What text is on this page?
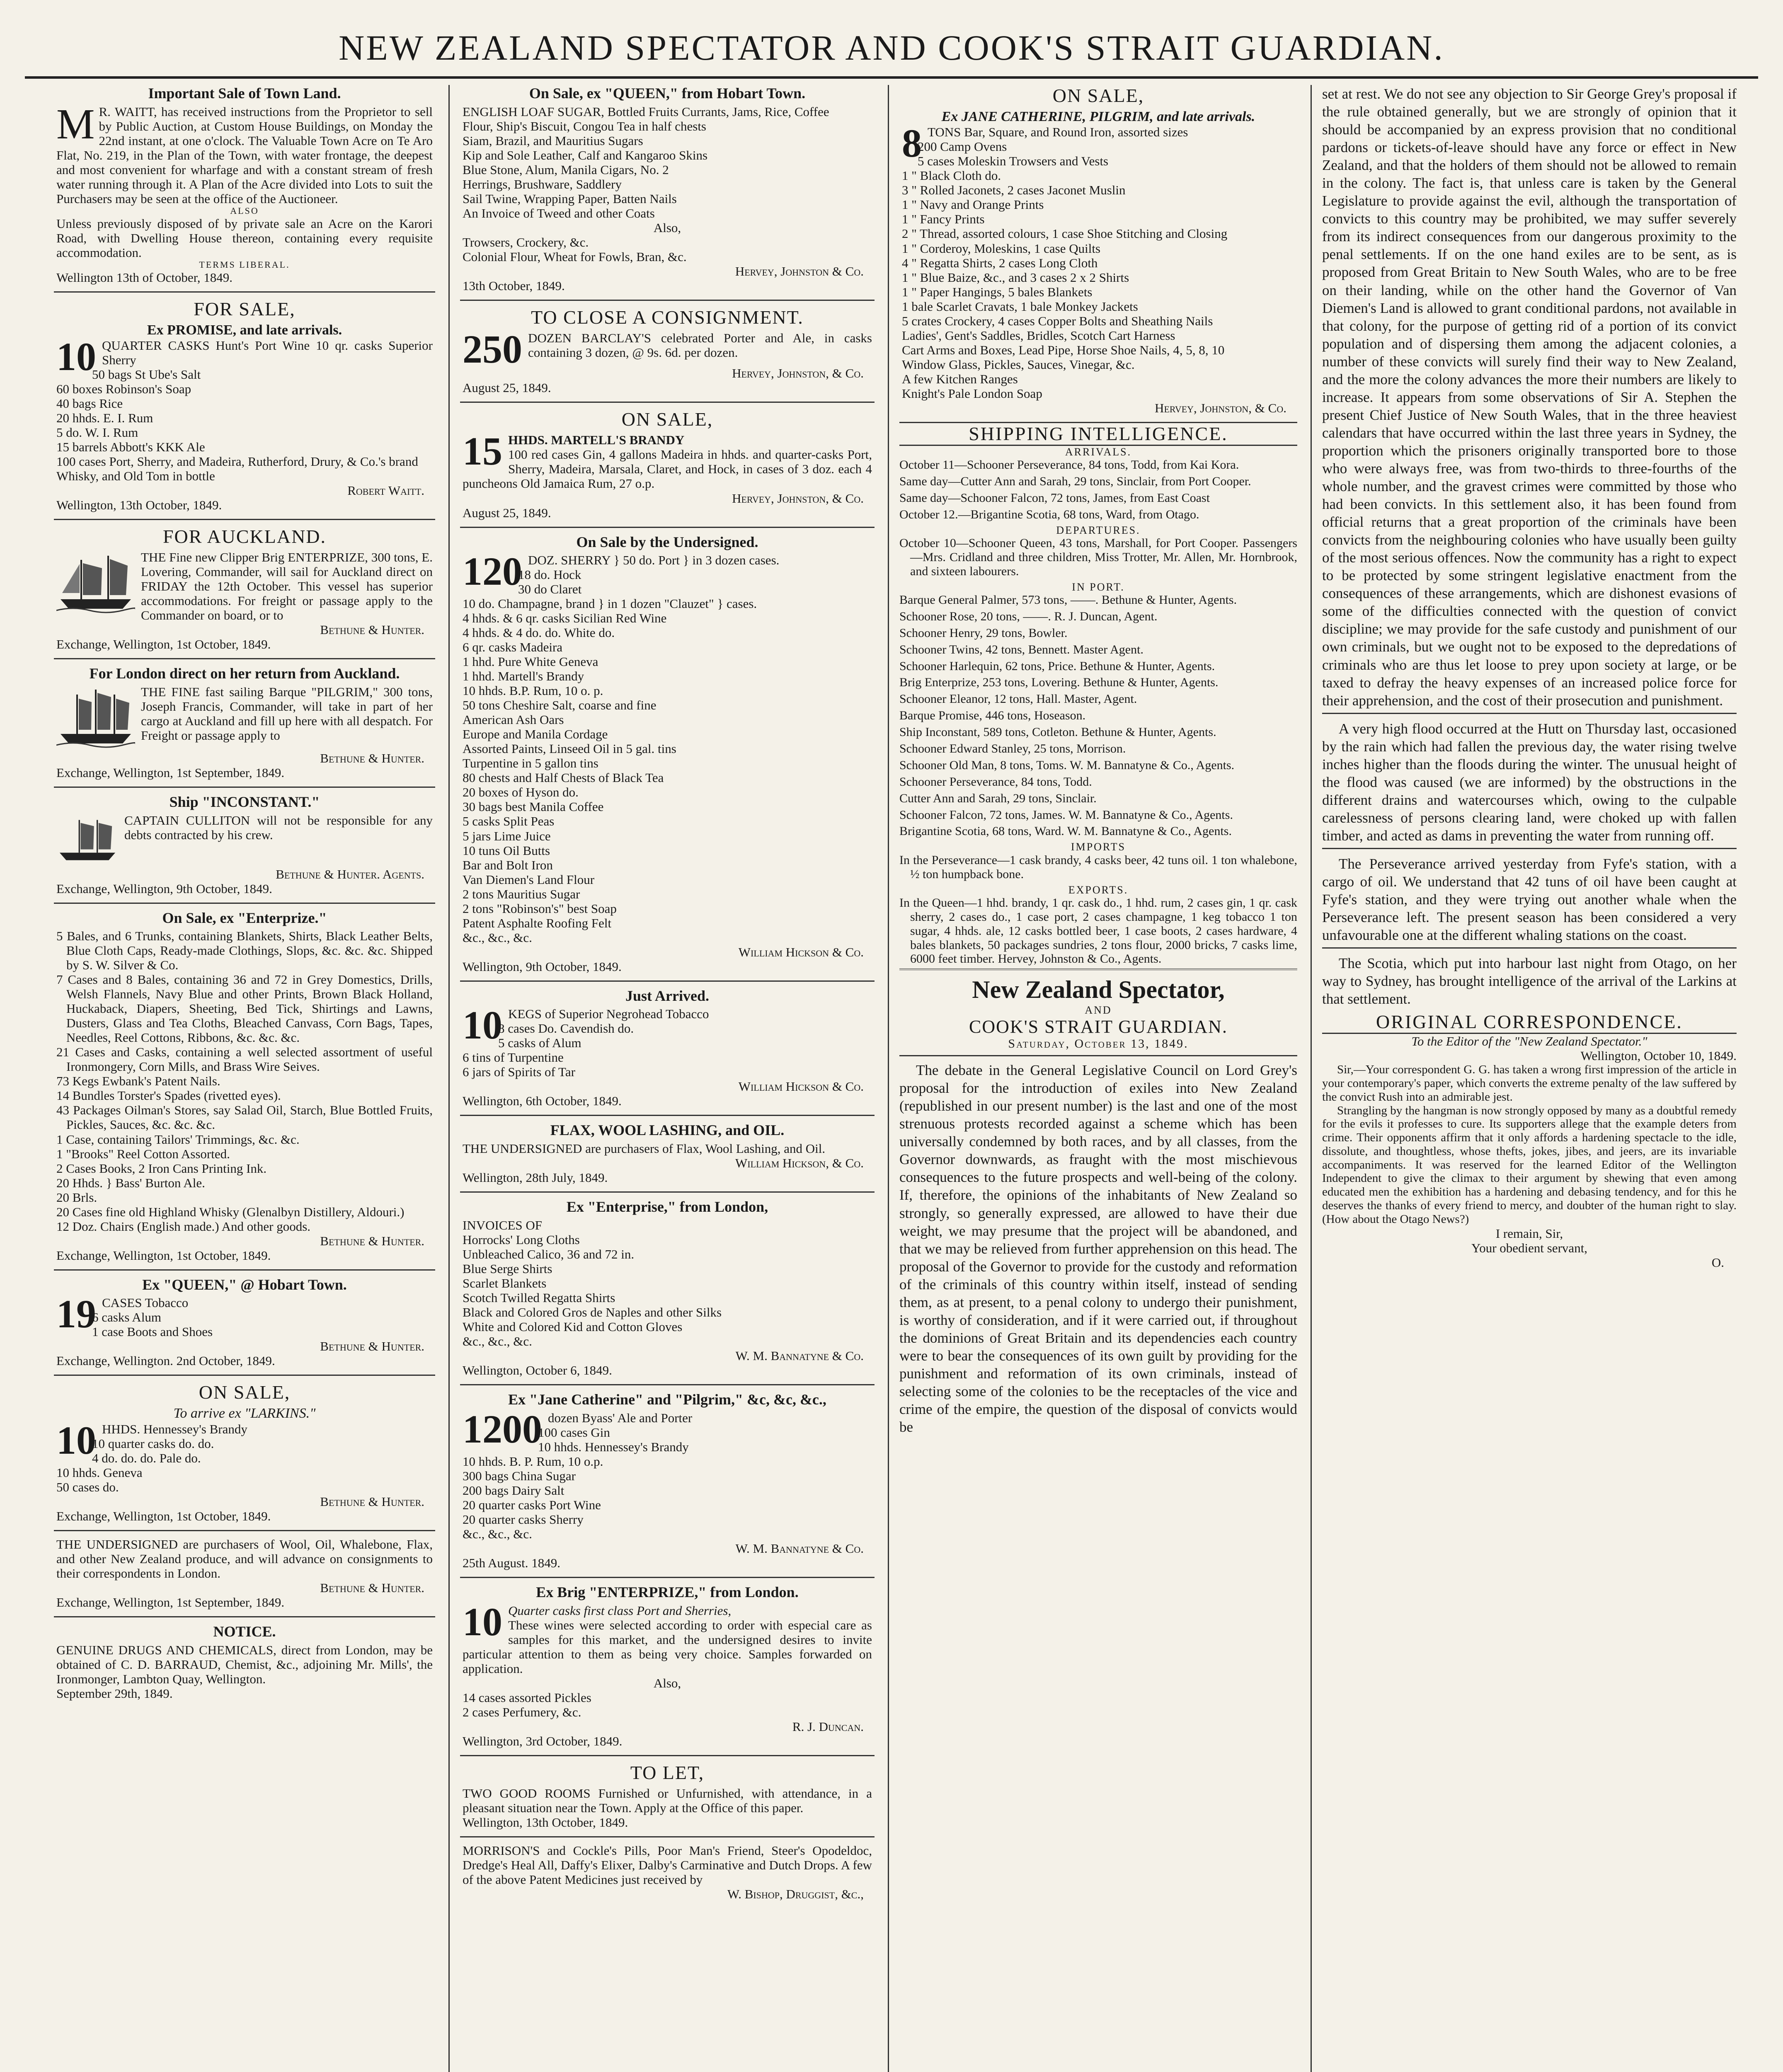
NEW ZEALAND SPECTATOR AND COOK'S STRAIT GUARDIAN.
Important Sale of Town Land.
M R. WAITT, has received instructions from the Proprietor to sell by Public Auction, at Custom House Buildings, on Monday the 22nd instant, at one o'clock. The Valuable Town Acre on Te Aro Flat, No. 219, in the Plan of the Town, with water frontage, the deepest and most convenient for wharfage and with a constant stream of fresh water running through it. A Plan of the Acre divided into Lots to suit the Purchasers may be seen at the office of the Auctioneer.

ALSO

Unless previously disposed of by private sale an Acre on the Karori Road, with Dwelling House thereon, containing every requisite accommodation.

TERMS LIBERAL.
Wellington 13th of October, 1849.
FOR SALE,
Ex PROMISE, and late arrivals.
10 QUARTER CASKS Hunt's Port Wine 10 qr. casks Superior Sherry

50 bags St Ube's Salt
60 boxes Robinson's Soap
40 bags Rice
20 hhds. E. I. Rum
5 do. W. I. Rum
15 barrels Abbott's KKK Ale
100 cases Port, Sherry, and Madeira, Rutherford, Drury, & Co.'s brand
Whisky, and Old Tom in bottle
Robert Waitt.
Wellington, 13th October, 1849.
FOR AUCKLAND.

THE Fine new Clipper Brig ENTERPRIZE, 300 tons, E. Lovering, Commander, will sail for Auckland direct on FRIDAY the 12th October. This vessel has superior accommodations. For freight or passage apply to the Commander on board, or to

Bethune & Hunter.
Exchange, Wellington, 1st October, 1849.
For London direct on her return from Auckland.

THE FINE fast sailing Barque "PILGRIM," 300 tons, Joseph Francis, Commander, will take in part of her cargo at Auckland and fill up here with all despatch. For Freight or passage apply to

Bethune & Hunter.
Exchange, Wellington, 1st September, 1849.
Ship "INCONSTANT."

CAPTAIN CULLITON will not be responsible for any debts contracted by his crew.

Bethune & Hunter. Agents.
Exchange, Wellington, 9th October, 1849.
On Sale, ex "Enterprize."
5 Bales, and 6 Trunks, containing Blankets, Shirts, Black Leather Belts, Blue Cloth Caps, Ready-made Clothings, Slops, &c. &c. &c. Shipped by S. W. Silver & Co.
7 Cases and 8 Bales, containing 36 and 72 in Grey Domestics, Drills, Welsh Flannels, Navy Blue and other Prints, Brown Black Holland, Huckaback, Diapers, Sheeting, Bed Tick, Shirtings and Lawns, Dusters, Glass and Tea Cloths, Bleached Canvass, Corn Bags, Tapes, Needles, Reel Cottons, Ribbons, &c. &c. &c.
21 Cases and Casks, containing a well selected assortment of useful Ironmongery, Corn Mills, and Brass Wire Seives.
73 Kegs Ewbank's Patent Nails.
14 Bundles Torster's Spades (rivetted eyes).
43 Packages Oilman's Stores, say Salad Oil, Starch, Blue Bottled Fruits, Pickles, Sauces, &c. &c. &c.
1 Case, containing Tailors' Trimmings, &c. &c.
1 "Brooks" Reel Cotton Assorted.
2 Cases Books, 2 Iron Cans Printing Ink.
20 Hhds. } Bass' Burton Ale.
20 Brls.
20 Cases fine old Highland Whisky (Glenalbyn Distillery, Aldouri.)
12 Doz. Chairs (English made.) And other goods.
Bethune & Hunter.
Exchange, Wellington, 1st October, 1849.
Ex "QUEEN," @ Hobart Town.
19 CASES Tobacco

6 casks Alum
1 case Boots and Shoes
Bethune & Hunter.
Exchange, Wellington. 2nd October, 1849.
ON SALE,
To arrive ex "LARKINS."
10 HHDS. Hennessey's Brandy

10 quarter casks do. do.
4 do. do. do. Pale do.
10 hhds. Geneva
50 cases do.
Bethune & Hunter.
Exchange, Wellington, 1st October, 1849.

THE UNDERSIGNED are purchasers of Wool, Oil, Whalebone, Flax, and other New Zealand produce, and will advance on consignments to their correspondents in London.

Bethune & Hunter.
Exchange, Wellington, 1st September, 1849.
NOTICE.

GENUINE DRUGS AND CHEMICALS, direct from London, may be obtained of C. D. BARRAUD, Chemist, &c., adjoining Mr. Mills', the Ironmonger, Lambton Quay, Wellington.

September 29th, 1849.
On Sale, ex "QUEEN," from Hobart Town.

ENGLISH LOAF SUGAR, Bottled Fruits Currants, Jams, Rice, Coffee

Flour, Ship's Biscuit, Congou Tea in half chests
Siam, Brazil, and Mauritius Sugars
Kip and Sole Leather, Calf and Kangaroo Skins
Blue Stone, Alum, Manila Cigars, No. 2
Herrings, Brushware, Saddlery
Sail Twine, Wrapping Paper, Batten Nails
An Invoice of Tweed and other Coats
Also,
Trowsers, Crockery, &c.
Colonial Flour, Wheat for Fowls, Bran, &c.
Hervey, Johnston & Co.
13th October, 1849.
TO CLOSE A CONSIGNMENT.
250 DOZEN BARCLAY'S celebrated Porter and Ale, in casks containing 3 dozen, @ 9s. 6d. per dozen.

Hervey, Johnston, & Co.
August 25, 1849.
ON SALE,
15 HHDS. MARTELL'S BRANDY

100 red cases Gin, 4 gallons Madeira in hhds. and quarter-casks Port, Sherry, Madeira, Marsala, Claret, and Hock, in cases of 3 doz. each 4 puncheons Old Jamaica Rum, 27 o.p.

Hervey, Johnston, & Co.
August 25, 1849.
On Sale by the Undersigned.
120 DOZ. SHERRY } 50 do. Port } in 3 dozen cases.

18 do. Hock
30 do Claret
10 do. Champagne, brand } in 1 dozen "Clauzet" } cases.
4 hhds. & 6 qr. casks Sicilian Red Wine
4 hhds. & 4 do. do. White do.
6 qr. casks Madeira
1 hhd. Pure White Geneva
1 hhd. Martell's Brandy
10 hhds. B.P. Rum, 10 o. p.
50 tons Cheshire Salt, coarse and fine
American Ash Oars
Europe and Manila Cordage
Assorted Paints, Linseed Oil in 5 gal. tins
Turpentine in 5 gallon tins
80 chests and Half Chests of Black Tea
20 boxes of Hyson do.
30 bags best Manila Coffee
5 casks Split Peas
5 jars Lime Juice
10 tuns Oil Butts
Bar and Bolt Iron
Van Diemen's Land Flour
2 tons Mauritius Sugar
2 tons "Robinson's" best Soap
Patent Asphalte Roofing Felt
&c., &c., &c.
William Hickson & Co.
Wellington, 9th October, 1849.
Just Arrived.
10 KEGS of Superior Negrohead Tobacco

8 cases Do. Cavendish do.
5 casks of Alum
6 tins of Turpentine
6 jars of Spirits of Tar
William Hickson & Co.
Wellington, 6th October, 1849.
FLAX, WOOL LASHING, and OIL.

THE UNDERSIGNED are purchasers of Flax, Wool Lashing, and Oil.

William Hickson, & Co.
Wellington, 28th July, 1849.
Ex "Enterprise," from London,
INVOICES OF
Horrocks' Long Cloths
Unbleached Calico, 36 and 72 in.
Blue Serge Shirts
Scarlet Blankets
Scotch Twilled Regatta Shirts
Black and Colored Gros de Naples and other Silks
White and Colored Kid and Cotton Gloves
&c., &c., &c.
W. M. Bannatyne & Co.
Wellington, October 6, 1849.
Ex "Jane Catherine" and "Pilgrim," &c, &c, &c.,
1200 dozen Byass' Ale and Porter

100 cases Gin
10 hhds. Hennessey's Brandy
10 hhds. B. P. Rum, 10 o.p.
300 bags China Sugar
200 bags Dairy Salt
20 quarter casks Port Wine
20 quarter casks Sherry
&c., &c., &c.
W. M. Bannatyne & Co.
25th August. 1849.
Ex Brig "ENTERPRIZE," from London.
10 Quarter casks first class Port and Sherries,

These wines were selected according to order with especial care as samples for this market, and the undersigned desires to invite particular attention to them as being very choice. Samples forwarded on application.

Also,
14 cases assorted Pickles
2 cases Perfumery, &c.
R. J. Duncan.
Wellington, 3rd October, 1849.
TO LET,

TWO GOOD ROOMS Furnished or Unfurnished, with attendance, in a pleasant situation near the Town. Apply at the Office of this paper.

Wellington, 13th October, 1849.

MORRISON'S and Cockle's Pills, Poor Man's Friend, Steer's Opodeldoc, Dredge's Heal All, Daffy's Elixer, Dalby's Carminative and Dutch Drops. A few of the above Patent Medicines just received by

W. Bishop, Druggist, &c.,
ON SALE,
Ex JANE CATHERINE, PILGRIM, and late arrivals.
8 TONS Bar, Square, and Round Iron, assorted sizes

200 Camp Ovens
5 cases Moleskin Trowsers and Vests
1 " Black Cloth do.
3 " Rolled Jaconets, 2 cases Jaconet Muslin
1 " Navy and Orange Prints
1 " Fancy Prints
2 " Thread, assorted colours, 1 case Shoe Stitching and Closing
1 " Corderoy, Moleskins, 1 case Quilts
4 " Regatta Shirts, 2 cases Long Cloth
1 " Blue Baize, &c., and 3 cases 2 x 2 Shirts
1 " Paper Hangings, 5 bales Blankets
1 bale Scarlet Cravats, 1 bale Monkey Jackets
5 crates Crockery, 4 cases Copper Bolts and Sheathing Nails
Ladies', Gent's Saddles, Bridles, Scotch Cart Harness
Cart Arms and Boxes, Lead Pipe, Horse Shoe Nails, 4, 5, 8, 10
Window Glass, Pickles, Sauces, Vinegar, &c.
A few Kitchen Ranges
Knight's Pale London Soap
Hervey, Johnston, & Co.
SHIPPING INTELLIGENCE.
ARRIVALS.

October 11—Schooner Perseverance, 84 tons, Todd, from Kai Kora.

Same day—Cutter Ann and Sarah, 29 tons, Sinclair, from Port Cooper.

Same day—Schooner Falcon, 72 tons, James, from East Coast

October 12.—Brigantine Scotia, 68 tons, Ward, from Otago.

DEPARTURES.

October 10—Schooner Queen, 43 tons, Marshall, for Port Cooper. Passengers—Mrs. Cridland and three children, Miss Trotter, Mr. Allen, Mr. Hornbrook, and sixteen labourers.

IN PORT.

Barque General Palmer, 573 tons, ——. Bethune & Hunter, Agents.

Schooner Rose, 20 tons, ——. R. J. Duncan, Agent.

Schooner Henry, 29 tons, Bowler.

Schooner Twins, 42 tons, Bennett. Master Agent.

Schooner Harlequin, 62 tons, Price. Bethune & Hunter, Agents.

Brig Enterprize, 253 tons, Lovering. Bethune & Hunter, Agents.

Schooner Eleanor, 12 tons, Hall. Master, Agent.

Barque Promise, 446 tons, Hoseason.

Ship Inconstant, 589 tons, Cotleton. Bethune & Hunter, Agents.

Schooner Edward Stanley, 25 tons, Morrison.

Schooner Old Man, 8 tons, Toms. W. M. Bannatyne & Co., Agents.

Schooner Perseverance, 84 tons, Todd.

Cutter Ann and Sarah, 29 tons, Sinclair.

Schooner Falcon, 72 tons, James. W. M. Bannatyne & Co., Agents.

Brigantine Scotia, 68 tons, Ward. W. M. Bannatyne & Co., Agents.

IMPORTS

In the Perseverance—1 cask brandy, 4 casks beer, 42 tuns oil. 1 ton whalebone, ½ ton humpback bone.

EXPORTS.

In the Queen—1 hhd. brandy, 1 qr. cask do., 1 hhd. rum, 2 cases gin, 1 qr. cask sherry, 2 cases do., 1 case port, 2 cases champagne, 1 keg tobacco 1 ton sugar, 4 hhds. ale, 12 casks bottled beer, 1 case boots, 2 cases hardware, 4 bales blankets, 50 packages sundries, 2 tons flour, 2000 bricks, 7 casks lime, 6000 feet timber. Hervey, Johnston & Co., Agents.

New Zealand Spectator,
AND
COOK'S STRAIT GUARDIAN.
Saturday, October 13, 1849.

The debate in the General Legislative Council on Lord Grey's proposal for the introduction of exiles into New Zealand (republished in our present number) is the last and one of the most strenuous protests recorded against a scheme which has been universally condemned by both races, and by all classes, from the Governor downwards, as fraught with the most mischievous consequences to the future prospects and well-being of the colony. If, therefore, the opinions of the inhabitants of New Zealand so strongly, so generally expressed, are allowed to have their due weight, we may presume that the project will be abandoned, and that we may be relieved from further apprehension on this head. The proposal of the Governor to provide for the custody and reformation of the criminals of this country within itself, instead of sending them, as at present, to a penal colony to undergo their punishment, is worthy of consideration, and if it were carried out, if throughout the dominions of Great Britain and its dependencies each country were to bear the consequences of its own guilt by providing for the punishment and reformation of its own criminals, instead of selecting some of the colonies to be the receptacles of the vice and crime of the empire, the question of the disposal of convicts would be

set at rest. We do not see any objection to Sir George Grey's proposal if the rule obtained generally, but we are strongly of opinion that it should be accompanied by an express provision that no conditional pardons or tickets-of-leave should have any force or effect in New Zealand, and that the holders of them should not be allowed to remain in the colony. The fact is, that unless care is taken by the General Legislature to provide against the evil, although the transportation of convicts to this country may be prohibited, we may suffer severely from its indirect consequences from our dangerous proximity to the penal settlements. If on the one hand exiles are to be sent, as is proposed from Great Britain to New South Wales, who are to be free on their landing, while on the other hand the Governor of Van Diemen's Land is allowed to grant conditional pardons, not available in that colony, for the purpose of getting rid of a portion of its convict population and of dispersing them among the adjacent colonies, a number of these convicts will surely find their way to New Zealand, and the more the colony advances the more their numbers are likely to increase. It appears from some observations of Sir A. Stephen the present Chief Justice of New South Wales, that in the three heaviest calendars that have occurred within the last three years in Sydney, the proportion which the prisoners originally transported bore to those who were always free, was from two-thirds to three-fourths of the whole number, and the gravest crimes were committed by those who had been convicts. In this settlement also, it has been found from official returns that a great proportion of the criminals have been convicts from the neighbouring colonies who have usually been guilty of the most serious offences. Now the community has a right to expect to be protected by some stringent legislative enactment from the consequences of these arrangements, which are dishonest evasions of some of the difficulties connected with the question of convict discipline; we may provide for the safe custody and punishment of our own criminals, but we ought not to be exposed to the depredations of criminals who are thus let loose to prey upon society at large, or be taxed to defray the heavy expenses of an increased police force for their apprehension, and the cost of their prosecution and punishment.

A very high flood occurred at the Hutt on Thursday last, occasioned by the rain which had fallen the previous day, the water rising twelve inches higher than the floods during the winter. The unusual height of the flood was caused (we are informed) by the obstructions in the different drains and watercourses which, owing to the culpable carelessness of persons clearing land, were choked up with fallen timber, and acted as dams in preventing the water from running off.

The Perseverance arrived yesterday from Fyfe's station, with a cargo of oil. We understand that 42 tuns of oil have been caught at Fyfe's station, and they were trying out another whale when the Perseverance left. The present season has been considered a very unfavourable one at the different whaling stations on the coast.

The Scotia, which put into harbour last night from Otago, on her way to Sydney, has brought intelligence of the arrival of the Larkins at that settlement.

ORIGINAL CORRESPONDENCE.
To the Editor of the "New Zealand Spectator."
Wellington, October 10, 1849.

Sir,—Your correspondent G. G. has taken a wrong first impression of the article in your contemporary's paper, which converts the extreme penalty of the law suffered by the convict Rush into an admirable jest.

Strangling by the hangman is now strongly opposed by many as a doubtful remedy for the evils it professes to cure. Its supporters allege that the example deters from crime. Their opponents affirm that it only affords a hardening spectacle to the idle, dissolute, and thoughtless, whose thefts, jokes, jibes, and jeers, are its invariable accompaniments. It was reserved for the learned Editor of the Wellington Independent to give the climax to their argument by shewing that even among educated men the exhibition has a hardening and debasing tendency, and for this he deserves the thanks of every friend to mercy, and doubter of the human right to slay. (How about the Otago News?)

I remain, Sir,
Your obedient servant,
O.
